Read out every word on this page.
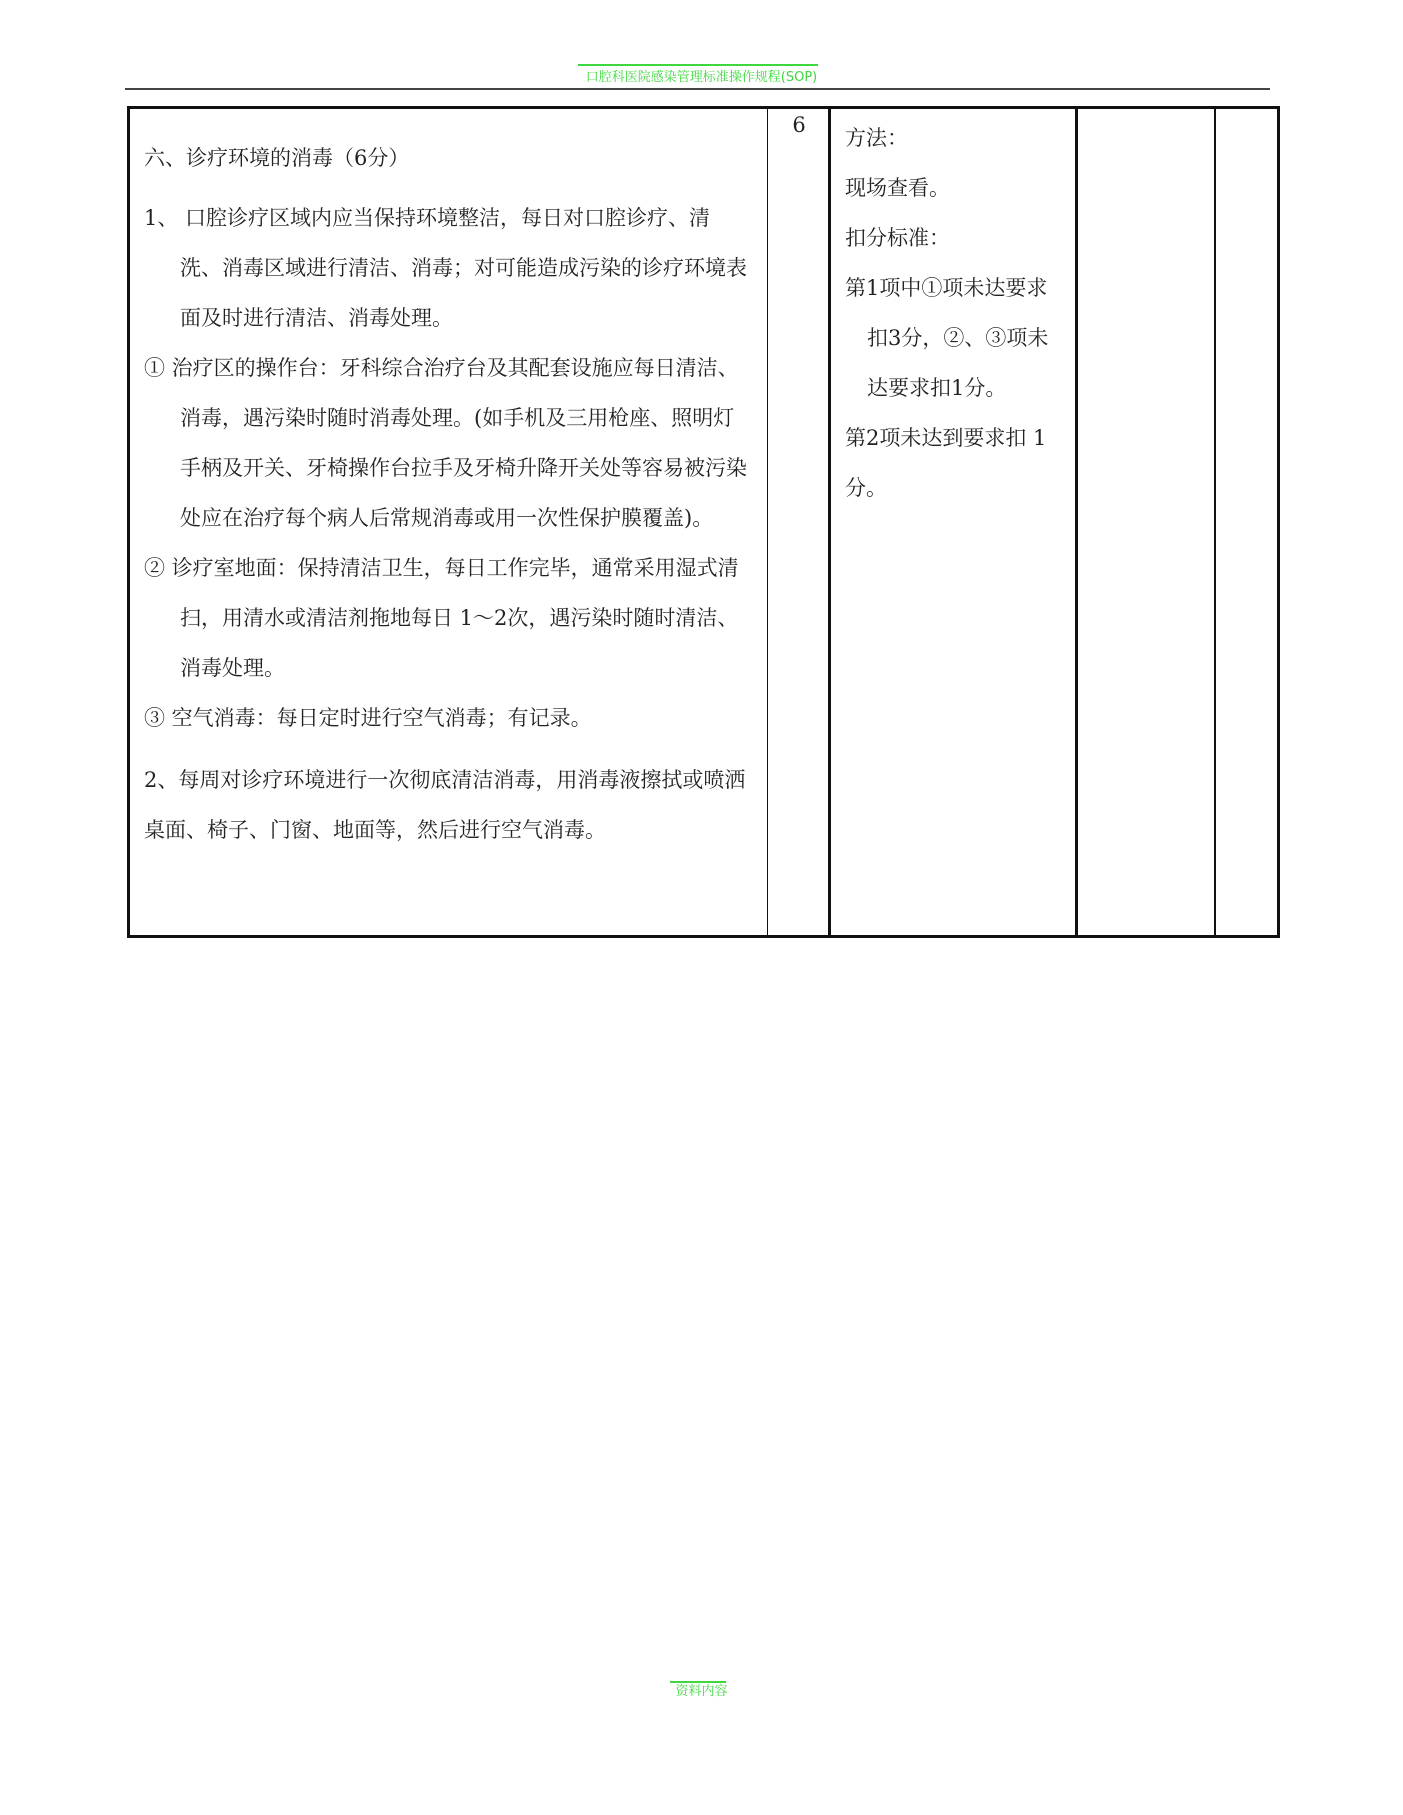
口腔科医院感染管理标准操作规程(SOP)

六、诊疗环境的消毒（6分）

1、 口腔诊疗区域内应当保持环境整洁，每日对口腔诊疗、清洗、消毒区域进行清洁、消毒；对可能造成污染的诊疗环境表面及时进行清洁、消毒处理。

① 治疗区的操作台：牙科综合治疗台及其配套设施应每日清洁、消毒，遇污染时随时消毒处理。(如手机及三用枪座、照明灯手柄及开关、牙椅操作台拉手及牙椅升降开关处等容易被污染处应在治疗每个病人后常规消毒或用一次性保护膜覆盖)。

② 诊疗室地面：保持清洁卫生，每日工作完毕，通常采用湿式清扫，用清水或清洁剂拖地每日 1～2次，遇污染时随时清洁、消毒处理。

③ 空气消毒：每日定时进行空气消毒；有记录。

2、每周对诊疗环境进行一次彻底清洁消毒，用消毒液擦拭或喷洒桌面、椅子、门窗、地面等，然后进行空气消毒。

6

方法：

现场查看。

扣分标准：

第1项中①项未达要求扣3分，②、③项未达要求扣1分。

第2项未达到要求扣 1 分。

资料内容
